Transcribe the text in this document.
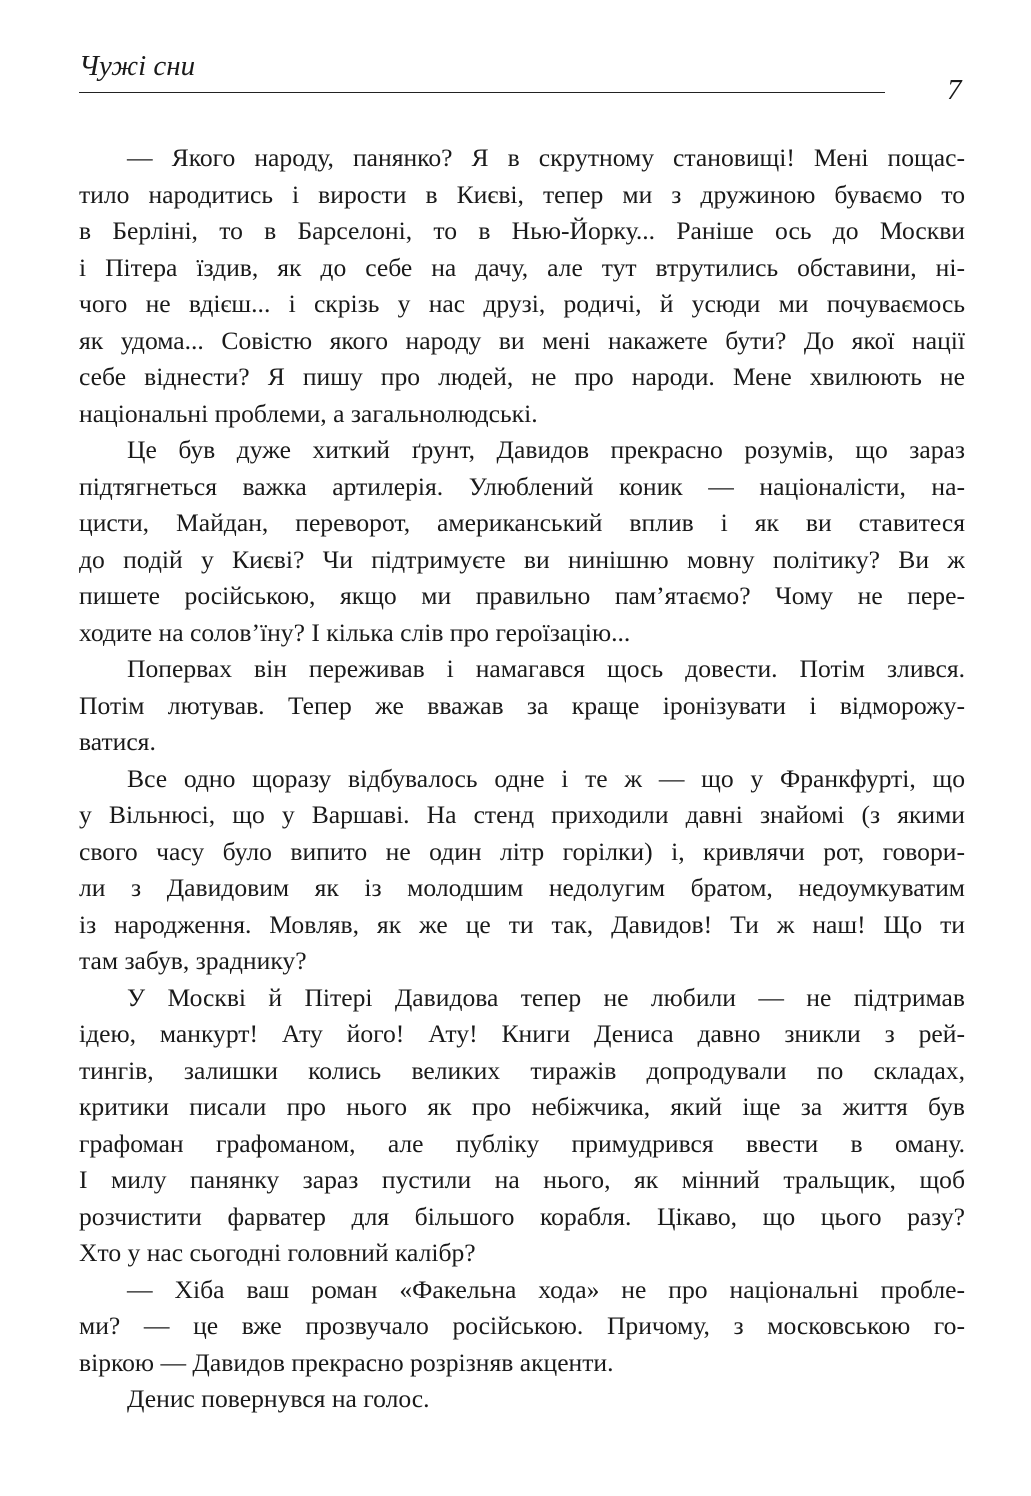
Чужі сни
7
— Якого народу, панянко? Я в скрутному становищі! Мені пощас-
тило народитись і вирости в Києві, тепер ми з дружиною буваємо то
в Берліні, то в Барселоні, то в Нью-Йорку... Раніше ось до Москви
і Пітера їздив, як до себе на дачу, але тут втрутились обставини, ні-
чого не вдієш... і скрізь у нас друзі, родичі, й усюди ми почуваємось
як удома... Совістю якого народу ви мені накажете бути? До якої нації
себе віднести? Я пишу про людей, не про народи. Мене хвилюють не
національні проблеми, а загальнолюдські.
Це був дуже хиткий ґрунт, Давидов прекрасно розумів, що зараз
підтягнеться важка артилерія. Улюблений коник — націоналісти, на-
цисти, Майдан, переворот, американський вплив і як ви ставитеся
до подій у Києві? Чи підтримуєте ви нинішню мовну політику? Ви ж
пишете російською, якщо ми правильно пам’ятаємо? Чому не пере-
ходите на солов’їну? І кілька слів про героїзацію...
Поперваx він переживав і намагався щось довести. Потім злився.
Потім лютував. Тепер же вважав за краще іронізувати і відморожу-
ватися.
Все одно щоразу відбувалось одне і те ж — що у Франкфурті, що
у Вільнюсі, що у Варшаві. На стенд приходили давні знайомі (з якими
свого часу було випито не один літр горілки) і, кривлячи рот, говори-
ли з Давидовим як із молодшим недолугим братом, недоумкуватим
із народження. Мовляв, як же це ти так, Давидов! Ти ж наш! Що ти
там забув, зраднику?
У Москві й Пітері Давидова тепер не любили — не підтримав
ідею, манкурт! Ату його! Ату! Книги Дениса давно зникли з рей-
тингів, залишки колись великих тиражів допродували по складах,
критики писали про нього як про небіжчика, який іще за життя був
графоман графоманом, але публіку примудрився ввести в оману.
І милу панянку зараз пустили на нього, як мінний тральщик, щоб
розчистити фарватер для більшого корабля. Цікаво, що цього разу?
Хто у нас сьогодні головний калібр?
— Хіба ваш роман «Факельна хода» не про національні пробле-
ми? — це вже прозвучало російською. Причому, з московською го-
віркою — Давидов прекрасно розрізняв акценти.
Денис повернувся на голос.
